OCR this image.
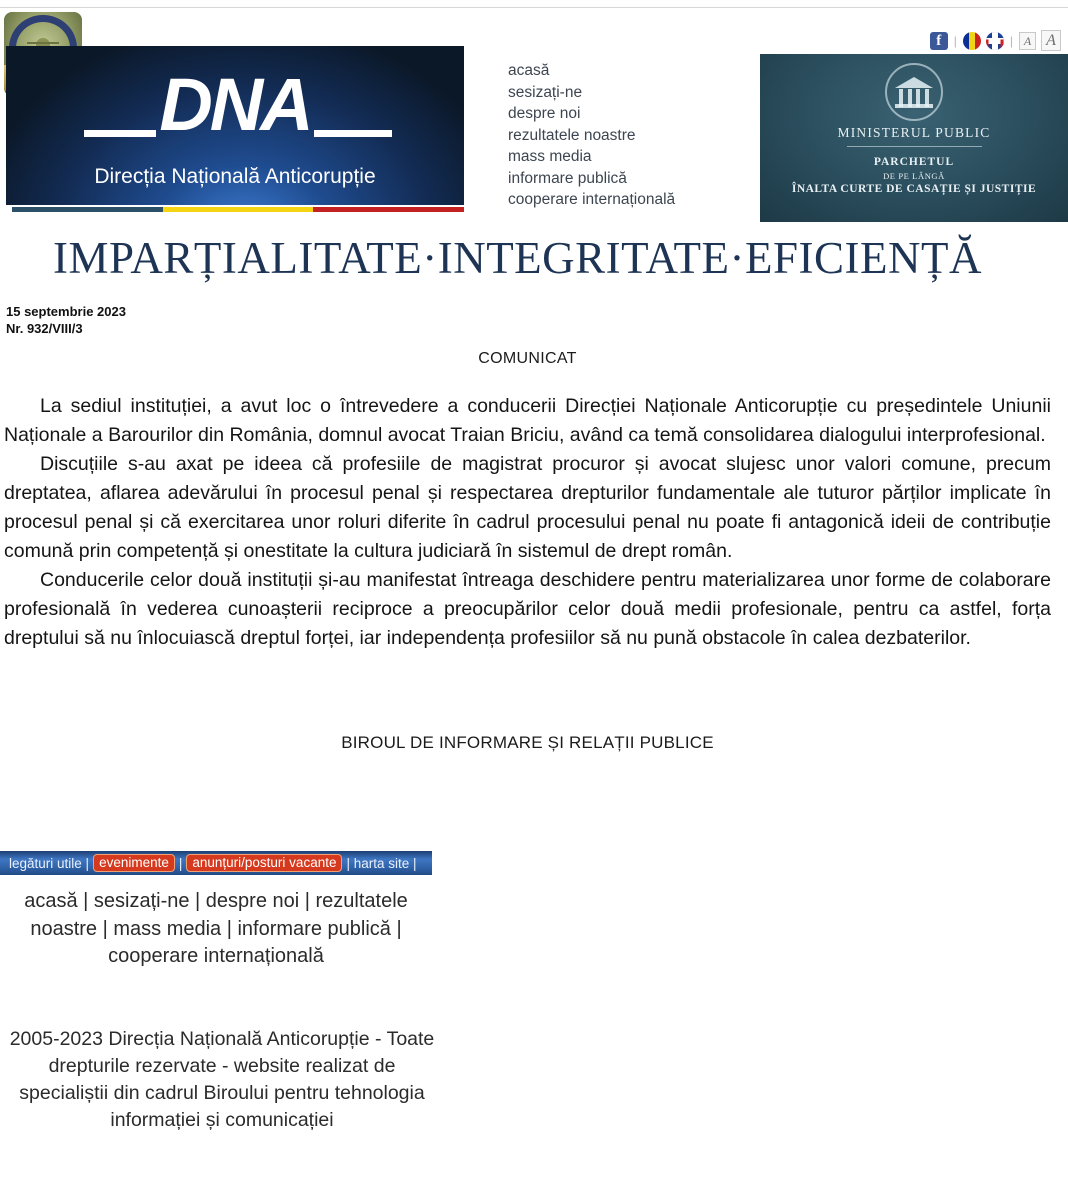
DNA
Direcția Națională Anticorupție
acasă
sesizați-ne
despre noi
rezultatele noastre
mass media
informare publică
cooperare internațională
f	|	| A A
MINISTERUL PUBLIC
PARCHETUL
DE PE LÂNGĂ
ÎNALTA CURTE DE CASAȚIE ȘI JUSTIȚIE
IMPARȚIALITATE·INTEGRITATE·EFICIENȚĂ
15 septembrie 2023
Nr. 932/VIII/3
COMUNICAT

La sediul instituției, a avut loc o întrevedere a conducerii Direcției Naționale Anticorupție cu președintele Uniunii Naționale a Barourilor din România, domnul avocat Traian Briciu, având ca temă consolidarea dialogului interprofesional.

Discuțiile s-au axat pe ideea că profesiile de magistrat procuror și avocat slujesc unor valori comune, precum dreptatea, aflarea adevărului în procesul penal și respectarea drepturilor fundamentale ale tuturor părților implicate în procesul penal și că exercitarea unor roluri diferite în cadrul procesului penal nu poate fi antagonică ideii de contribuție comună prin competență și onestitate la cultura judiciară în sistemul de drept român.

Conducerile celor două instituții și-au manifestat întreaga deschidere pentru materializarea unor forme de colaborare profesională în vederea cunoașterii reciproce a preocupărilor celor două medii profesionale, pentru ca astfel, forța dreptului să nu înlocuiască dreptul forței, iar independența profesiilor să nu pună obstacole în calea dezbaterilor.

BIROUL DE INFORMARE ȘI RELAȚII PUBLICE
legături utile | evenimente | anunțuri/posturi vacante | harta site |
acasă | sesizați-ne | despre noi | rezultatele noastre | mass media | informare publică | cooperare internațională
2005-2023 Direcția Națională Anticorupție - Toate drepturile rezervate - website realizat de specialiștii din cadrul Biroului pentru tehnologia informației și comunicației
